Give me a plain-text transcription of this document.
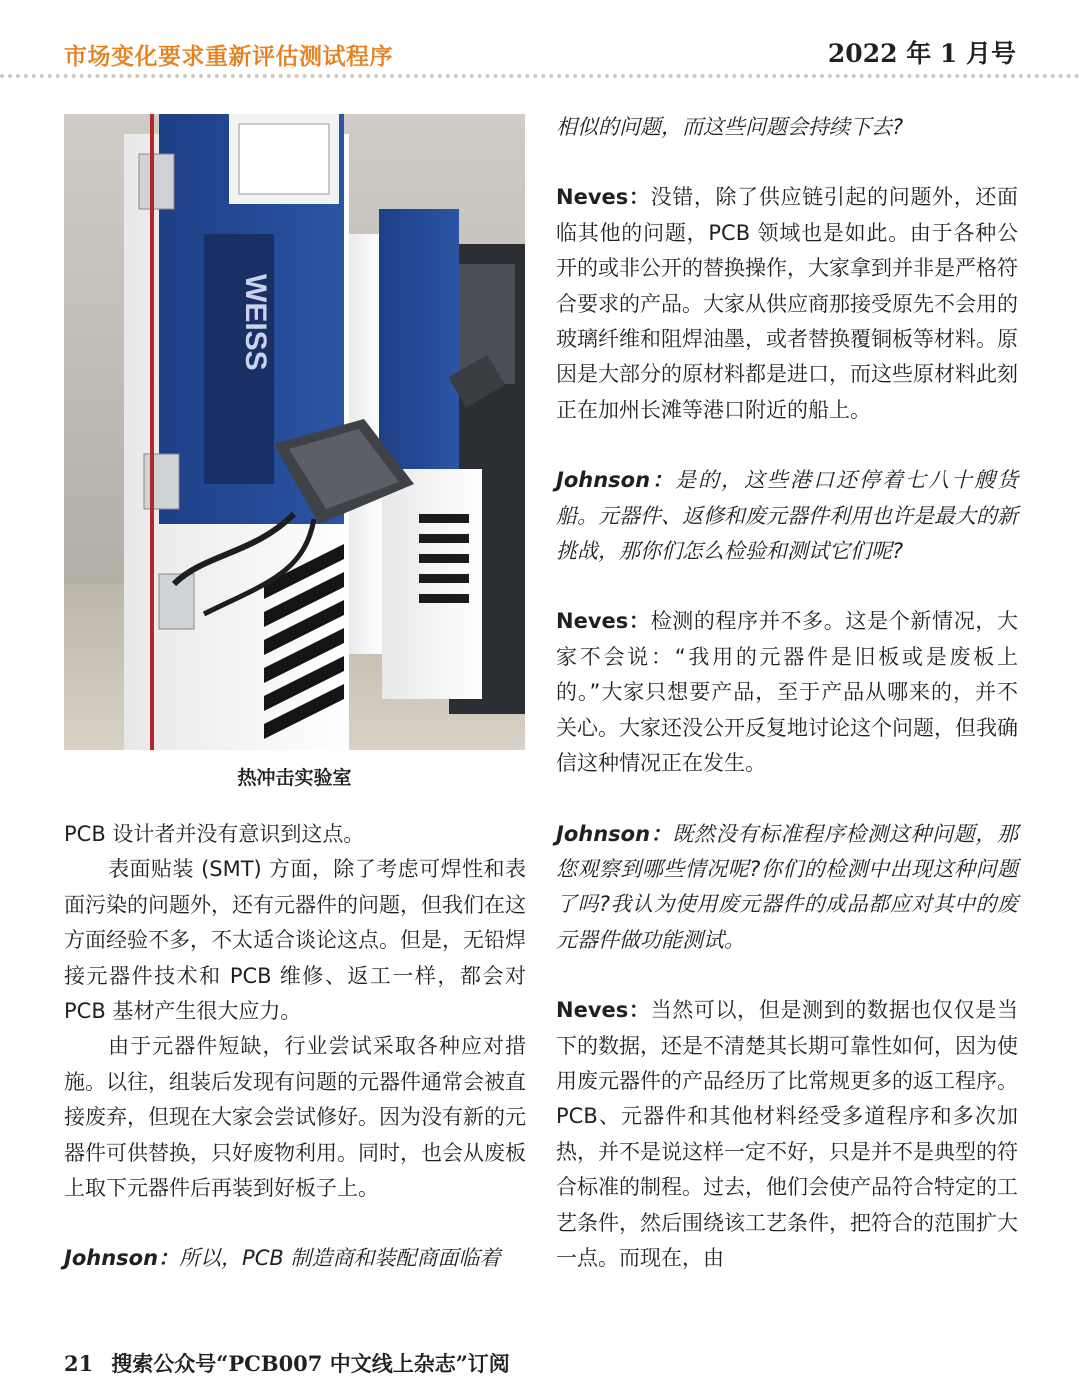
市场变化要求重新评估测试程序	2022 年 1 月号
WEISS
热冲击实验室

PCB 设计者并没有意识到这点。

表面贴装 (SMT) 方面，除了考虑可焊性和表面污染的问题外，还有元器件的问题，但我们在这方面经验不多，不太适合谈论这点。但是，无铅焊接元器件技术和 PCB 维修、返工一样，都会对 PCB 基材产生很大应力。

由于元器件短缺，行业尝试采取各种应对措施。以往，组装后发现有问题的元器件通常会被直接废弃，但现在大家会尝试修好。因为没有新的元器件可供替换，只好废物利用。同时，也会从废板上取下元器件后再装到好板子上。

Johnson：所以，PCB 制造商和装配商面临着

相似的问题，而这些问题会持续下去?

Neves：没错，除了供应链引起的问题外，还面临其他的问题，PCB 领域也是如此。由于各种公开的或非公开的替换操作，大家拿到并非是严格符合要求的产品。大家从供应商那接受原先不会用的玻璃纤维和阻焊油墨，或者替换覆铜板等材料。原因是大部分的原材料都是进口，而这些原材料此刻正在加州长滩等港口附近的船上。

Johnson：是的，这些港口还停着七八十艘货船。元器件、返修和废元器件利用也许是最大的新挑战，那你们怎么检验和测试它们呢?

Neves：检测的程序并不多。这是个新情况，大家不会说：“我用的元器件是旧板或是废板上的。”大家只想要产品，至于产品从哪来的，并不关心。大家还没公开反复地讨论这个问题，但我确信这种情况正在发生。

Johnson：既然没有标准程序检测这种问题，那您观察到哪些情况呢?你们的检测中出现这种问题了吗?我认为使用废元器件的成品都应对其中的废元器件做功能测试。

Neves：当然可以，但是测到的数据也仅仅是当下的数据，还是不清楚其长期可靠性如何，因为使用废元器件的产品经历了比常规更多的返工程序。PCB、元器件和其他材料经受多道程序和多次加热，并不是说这样一定不好，只是并不是典型的符合标准的制程。过去，他们会使产品符合特定的工艺条件，然后围绕该工艺条件，把符合的范围扩大一点。而现在，由

21 搜索公众号“PCB007 中文线上杂志”订阅
